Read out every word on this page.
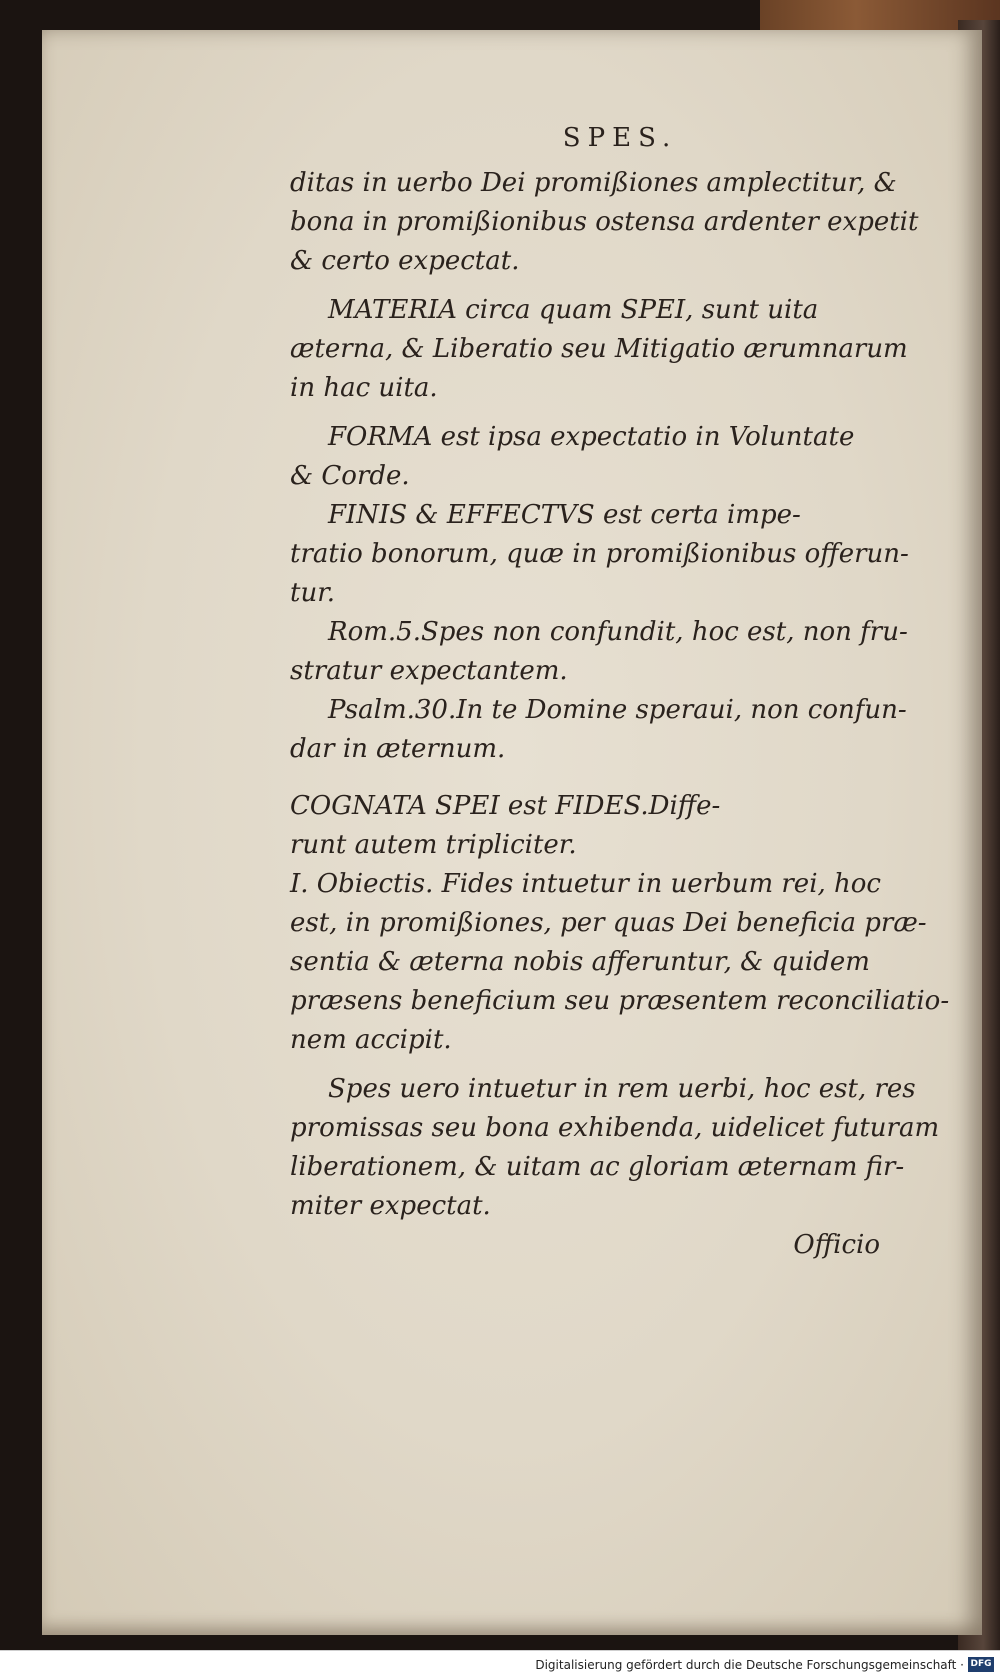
SPES.
ditas in uerbo Dei promißiones amplectitur, &
bona in promißionibus ostensa ardenter expetit
& certo expectat.
MATERIA circa quam SPEI, sunt uita
æterna, & Liberatio seu Mitigatio ærumnarum
in hac uita.
FORMA est ipsa expectatio in Voluntate
& Corde.
FINIS & EFFECTVS est certa impe-
tratio bonorum, quæ in promißionibus offerun-
tur.
Rom.5.Spes non confundit, hoc est, non fru-
stratur expectantem.
Psalm.30.In te Domine speraui, non confun-
dar in æternum.
COGNATA SPEI est FIDES.Diffe-
runt autem tripliciter.
I. Obiectis. Fides intuetur in uerbum rei, hoc
est, in promißiones, per quas Dei beneficia præ-
sentia & æterna nobis afferuntur, & quidem
præsens beneficium seu præsentem reconciliatio-
nem accipit.
Spes uero intuetur in rem uerbi, hoc est, res
promissas seu bona exhibenda, uidelicet futuram
liberationem, & uitam ac gloriam æternam fir-
miter expectat.
Officio
Digitalisierung gefördert durch die Deutsche Forschungsgemeinschaft · DFG
